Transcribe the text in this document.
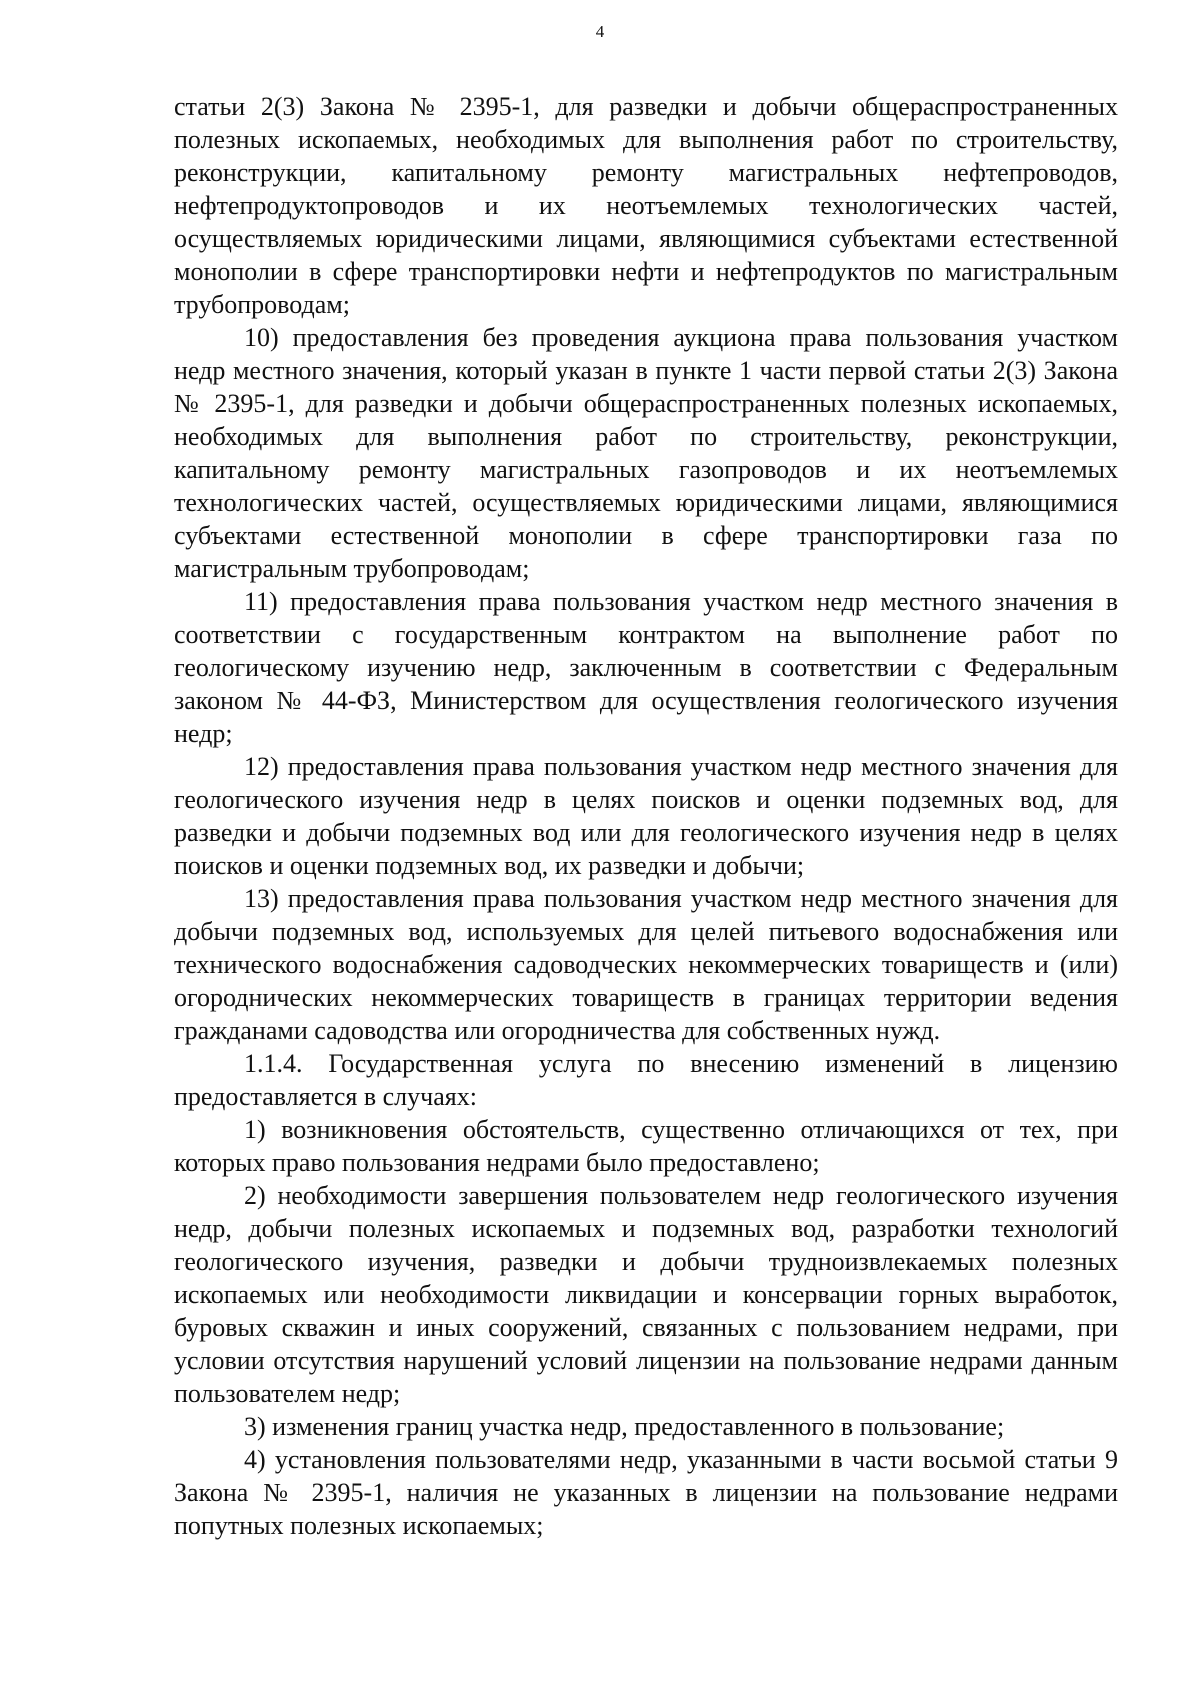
4

статьи 2(3) Закона № 2395-1, для разведки и добычи общераспространенных полезных ископаемых, необходимых для выполнения работ по строительству, реконструкции, капитальному ремонту магистральных нефтепроводов, нефтепродуктопроводов и их неотъемлемых технологических частей, осуществляемых юридическими лицами, являющимися субъектами естественной монополии в сфере транспортировки нефти и нефтепродуктов по магистральным трубопроводам;

10) предоставления без проведения аукциона права пользования участком недр местного значения, который указан в пункте 1 части первой статьи 2(3) Закона № 2395-1, для разведки и добычи общераспространенных полезных ископаемых, необходимых для выполнения работ по строительству, реконструкции, капитальному ремонту магистральных газопроводов и их неотъемлемых технологических частей, осуществляемых юридическими лицами, являющимися субъектами естественной монополии в сфере транспортировки газа по магистральным трубопроводам;

11) предоставления права пользования участком недр местного значения в соответствии с государственным контрактом на выполнение работ по геологическому изучению недр, заключенным в соответствии с Федеральным законом № 44-ФЗ, Министерством для осуществления геологического изучения недр;

12) предоставления права пользования участком недр местного значения для геологического изучения недр в целях поисков и оценки подземных вод, для разведки и добычи подземных вод или для геологического изучения недр в целях поисков и оценки подземных вод, их разведки и добычи;

13) предоставления права пользования участком недр местного значения для добычи подземных вод, используемых для целей питьевого водоснабжения или технического водоснабжения садоводческих некоммерческих товариществ и (или) огороднических некоммерческих товариществ в границах территории ведения гражданами садоводства или огородничества для собственных нужд.

1.1.4. Государственная услуга по внесению изменений в лицензию предоставляется в случаях:

1) возникновения обстоятельств, существенно отличающихся от тех, при которых право пользования недрами было предоставлено;

2) необходимости завершения пользователем недр геологического изучения недр, добычи полезных ископаемых и подземных вод, разработки технологий геологического изучения, разведки и добычи трудноизвлекаемых полезных ископаемых или необходимости ликвидации и консервации горных выработок, буровых скважин и иных сооружений, связанных с пользованием недрами, при условии отсутствия нарушений условий лицензии на пользование недрами данным пользователем недр;

3) изменения границ участка недр, предоставленного в пользование;

4) установления пользователями недр, указанными в части восьмой статьи 9 Закона № 2395-1, наличия не указанных в лицензии на пользование недрами попутных полезных ископаемых;
